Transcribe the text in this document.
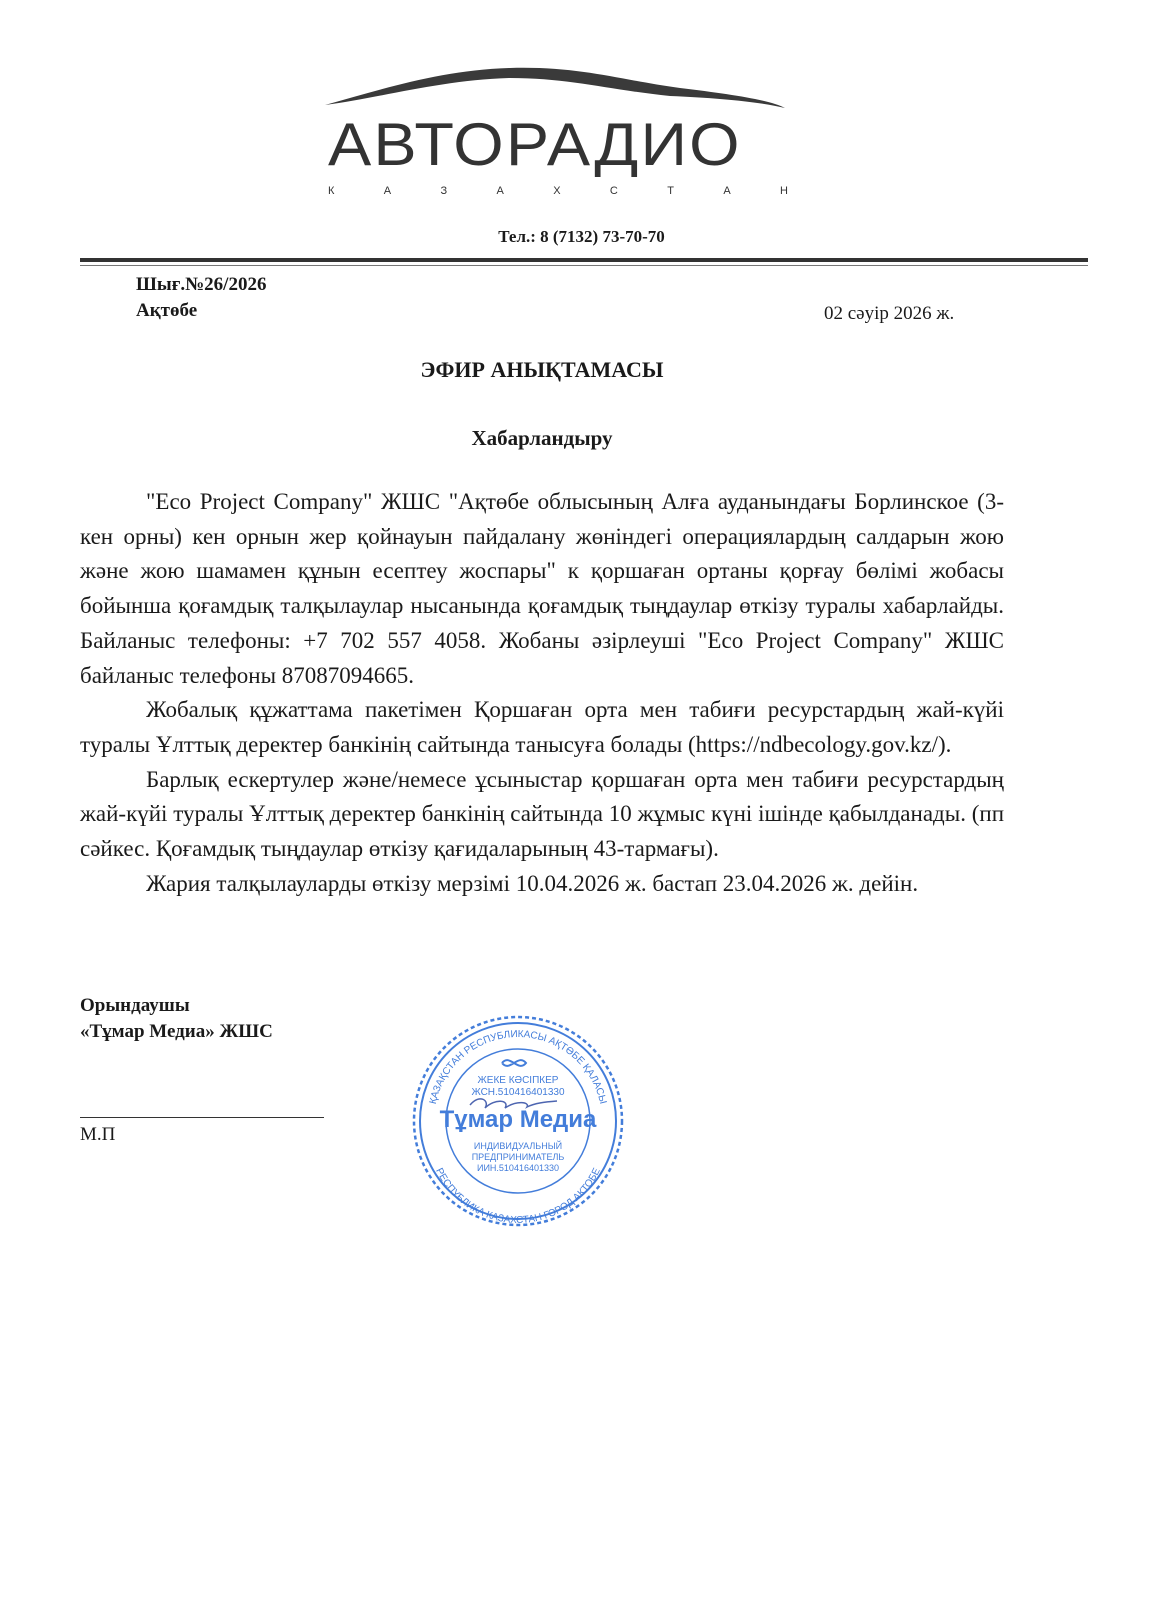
АВТОРАДИО
К	А	З	А	Х	С	Т	А	Н
Тел.: 8 (7132) 73-70-70
Шығ.№26/2026
Ақтөбе	02 сәуір 2026 ж.
ЭФИР АНЫҚТАМАСЫ
Хабарландыру

"Eco Project Company" ЖШС "Ақтөбе облысының Алға ауданындағы Борлинское (3-кен орны) кен орнын жер қойнауын пайдалану жөніндегі операциялардың салдарын жою және жою шамамен құнын есептеу жоспары" к қоршаған ортаны қорғау бөлімі жобасы бойынша қоғамдық талқылаулар нысанында қоғамдық тыңдаулар өткізу туралы хабарлайды. Байланыс телефоны: +7 702 557 4058. Жобаны әзірлеуші "Eco Project Company" ЖШС байланыс телефоны 87087094665.

Жобалық құжаттама пакетімен Қоршаған орта мен табиғи ресурстардың жай-күйі туралы Ұлттық деректер банкінің сайтында танысуға болады (https://ndbecology.gov.kz/).

Барлық ескертулер және/немесе ұсыныстар қоршаған орта мен табиғи ресурстардың жай-күйі туралы Ұлттық деректер банкінің сайтында 10 жұмыс күні ішінде қабылданады. (пп сәйкес. Қоғамдық тыңдаулар өткізу қағидаларының 43-тармағы).

Жария талқылауларды өткізу мерзімі 10.04.2026 ж. бастап 23.04.2026 ж. дейін.

Орындаушы
«Тұмар Медиа» ЖШС
М.П
ҚАЗАҚСТАН РЕСПУБЛИКАСЫ АҚТӨБЕ ҚАЛАСЫ
РЕСПУБЛИКА КАЗАХСТАН ГОРОД АКТОБЕ
ЖЕКЕ КӘСІПКЕР
ЖСН.510416401330
Тұмар Медиа
ИНДИВИДУАЛЬНЫЙ
ПРЕДПРИНИМАТЕЛЬ
ИИН.510416401330
